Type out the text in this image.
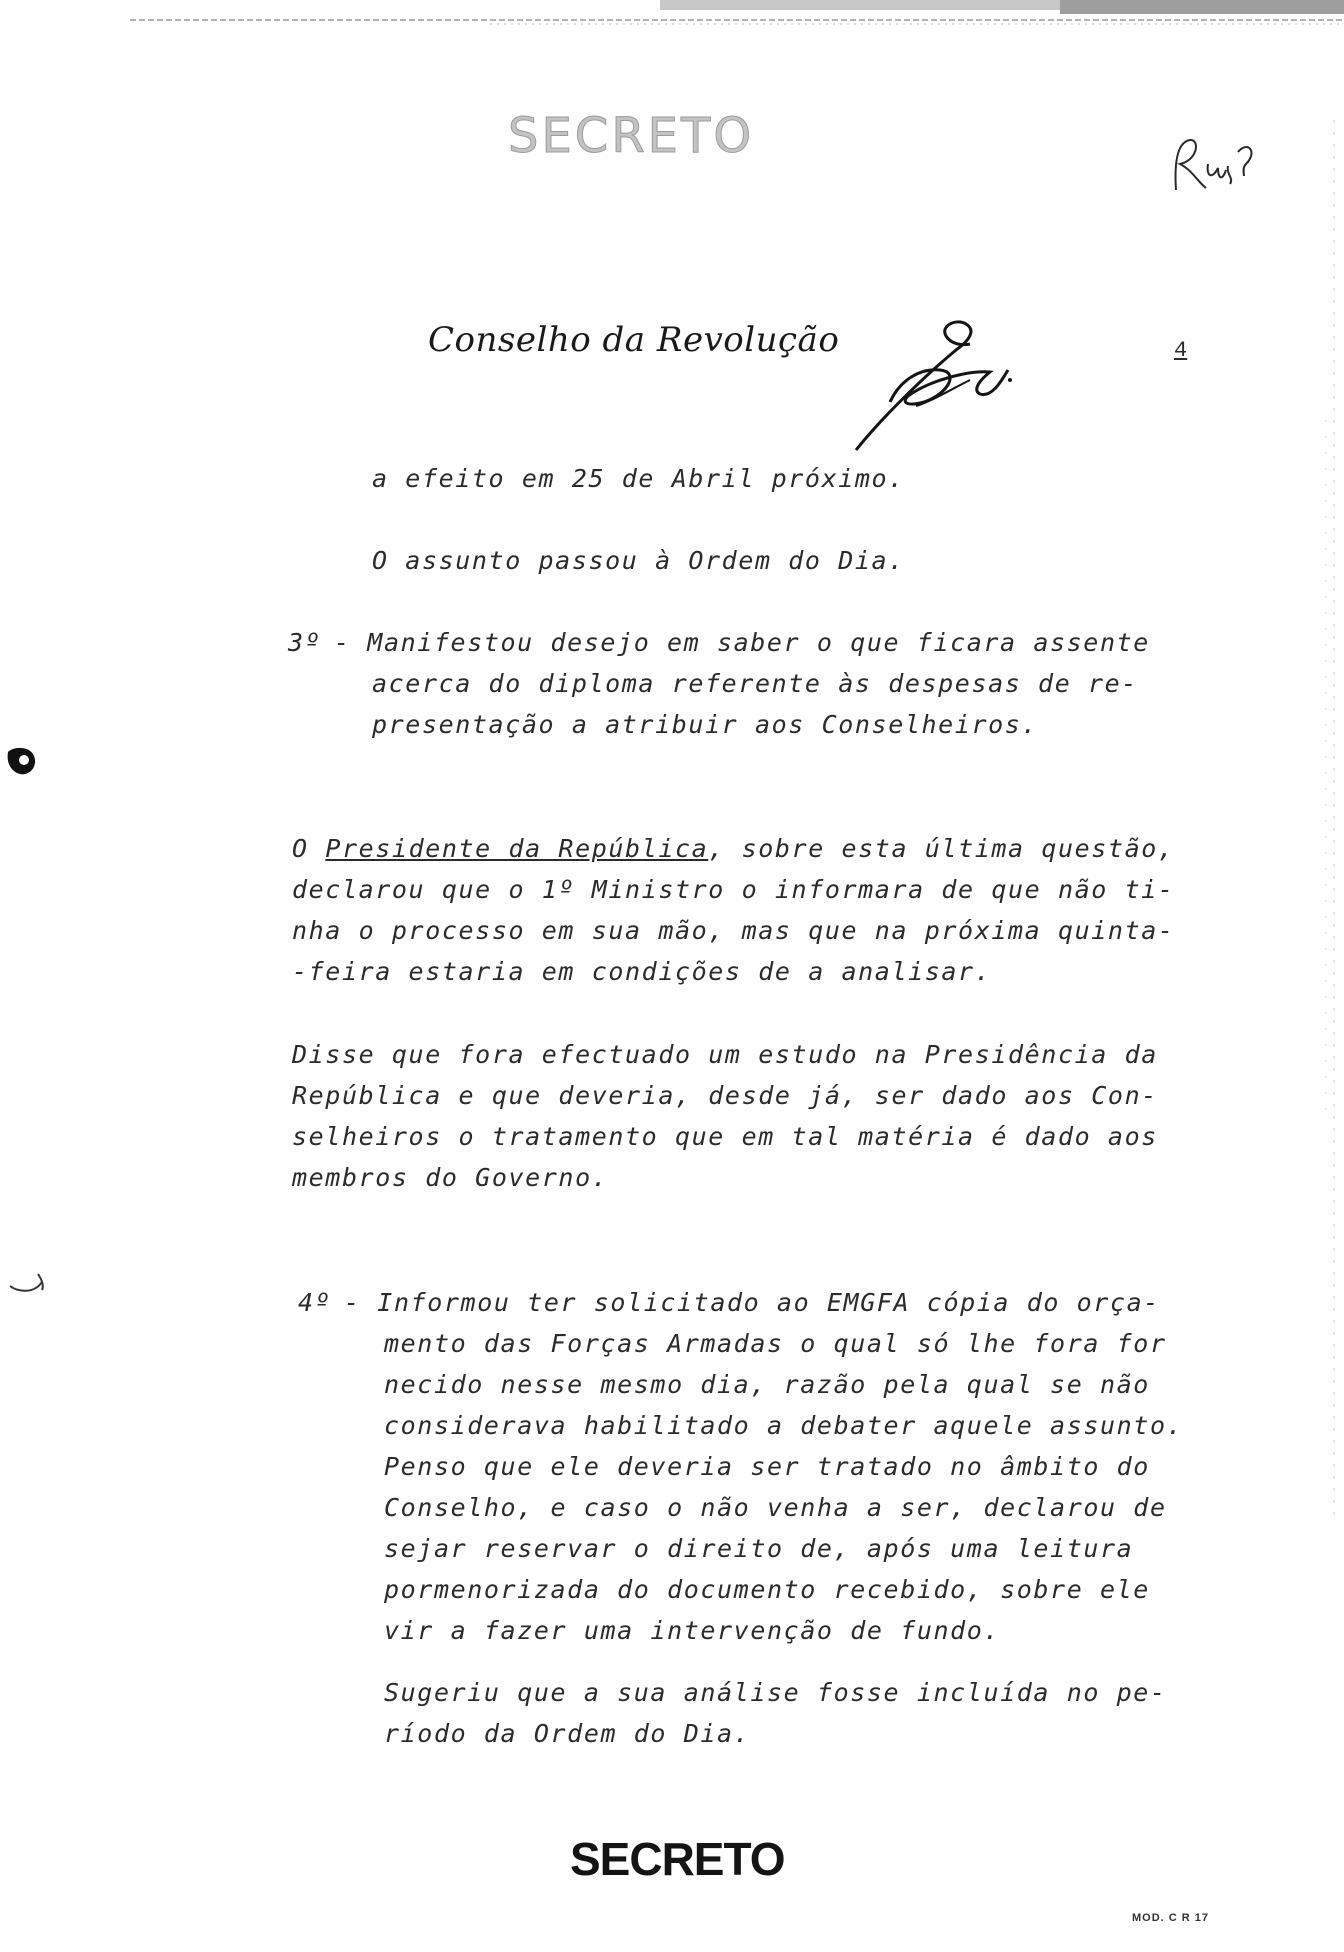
SECRETO
Conselho da Revolução	4
a efeito em 25 de Abril próximo.
O assunto passou à Ordem do Dia.
3º - Manifestou desejo em saber o que ficara assente

acerca do diploma referente às despesas de re-

presentação a atribuir aos Conselheiros.

O Presidente da República, sobre esta última questão,

declarou que o 1º Ministro o informara de que não ti-

nha o processo em sua mão, mas que na próxima quinta-

-feira estaria em condições de a analisar.

Disse que fora efectuado um estudo na Presidência da

República e que deveria, desde já, ser dado aos Con-

selheiros o tratamento que em tal matéria é dado aos

membros do Governo.

4º - Informou ter solicitado ao EMGFA cópia do orça-

mento das Forças Armadas o qual só lhe fora for

necido nesse mesmo dia, razão pela qual se não

considerava habilitado a debater aquele assunto.

Penso que ele deveria ser tratado no âmbito do

Conselho, e caso o não venha a ser, declarou de

sejar reservar o direito de, após uma leitura

pormenorizada do documento recebido, sobre ele

vir a fazer uma intervenção de fundo.

Sugeriu que a sua análise fosse incluída no pe-

ríodo da Ordem do Dia.

SECRETO
MOD. C R 17
